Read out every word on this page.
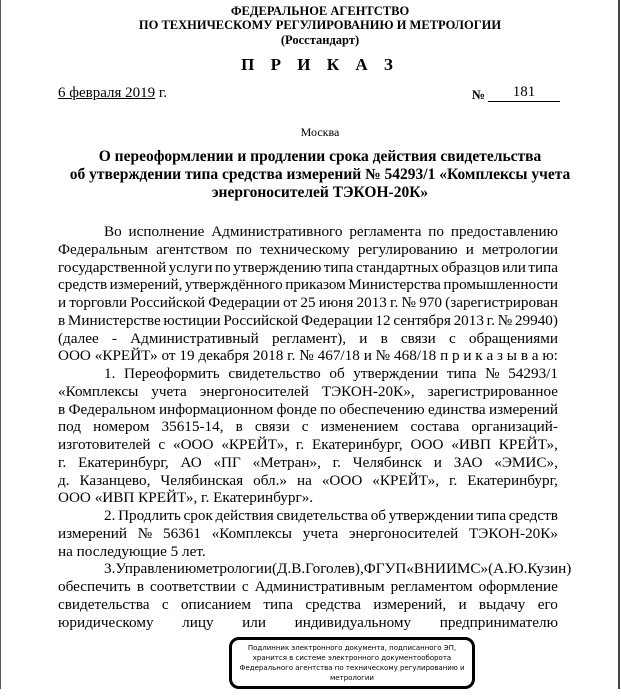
ФЕДЕРАЛЬНОЕ АГЕНТСТВО
ПО ТЕХНИЧЕСКОМУ РЕГУЛИРОВАНИЮ И МЕТРОЛОГИИ
(Росстандарт)
П Р И К А З
6 февраля 2019 г.	№	181
Москва
О переоформлении и продлении срока действия свидетельства
об утверждении типа средства измерений № 54293/1 «Комплексы учета
энергоносителей ТЭКОН-20К»
Во исполнение Административного регламента по предоставлению
Федеральным агентством по техническому регулированию и метрологии
государственной услуги по утверждению типа стандартных образцов или типа
средств измерений, утверждённого приказом Министерства промышленности
и торговли Российской Федерации от 25 июня 2013 г. № 970 (зарегистрирован
в Министерстве юстиции Российской Федерации 12 сентября 2013 г. № 29940)
(далее - Административный регламент), и в связи с обращениями
ООО «КРЕЙТ» от 19 декабря 2018 г. № 467/18 и № 468/18 п р и к а з ы в а ю:
1. Переоформить свидетельство об утверждении типа № 54293/1
«Комплексы учета энергоносителей ТЭКОН-20К», зарегистрированное
в Федеральном информационном фонде по обеспечению единства измерений
под номером 35615-14, в связи с изменением состава организаций-
изготовителей с «ООО «КРЕЙТ», г. Екатеринбург, ООО «ИВП КРЕЙТ»,
г. Екатеринбург, АО «ПГ «Метран», г. Челябинск и ЗАО «ЭМИС»,
д. Казанцево, Челябинская обл.» на «ООО «КРЕЙТ», г. Екатеринбург,
ООО «ИВП КРЕЙТ», г. Екатеринбург».
2. Продлить срок действия свидетельства об утверждении типа средств
измерений № 56361 «Комплексы учета энергоносителей ТЭКОН-20К»
на последующие 5 лет.
3. Управлению метрологии (Д.В. Гоголев), ФГУП «ВНИИМС» (А.Ю. Кузин)
обеспечить в соответствии с Административным регламентом оформление
свидетельства с описанием типа средства измерений, и выдачу его
юридическому лицу или индивидуальному предпринимателю
Подлинник электронного документа, подписанного ЭП,
хранится в системе электронного документооборота
Федерального агентства по техническому регулированию и
метрологии
